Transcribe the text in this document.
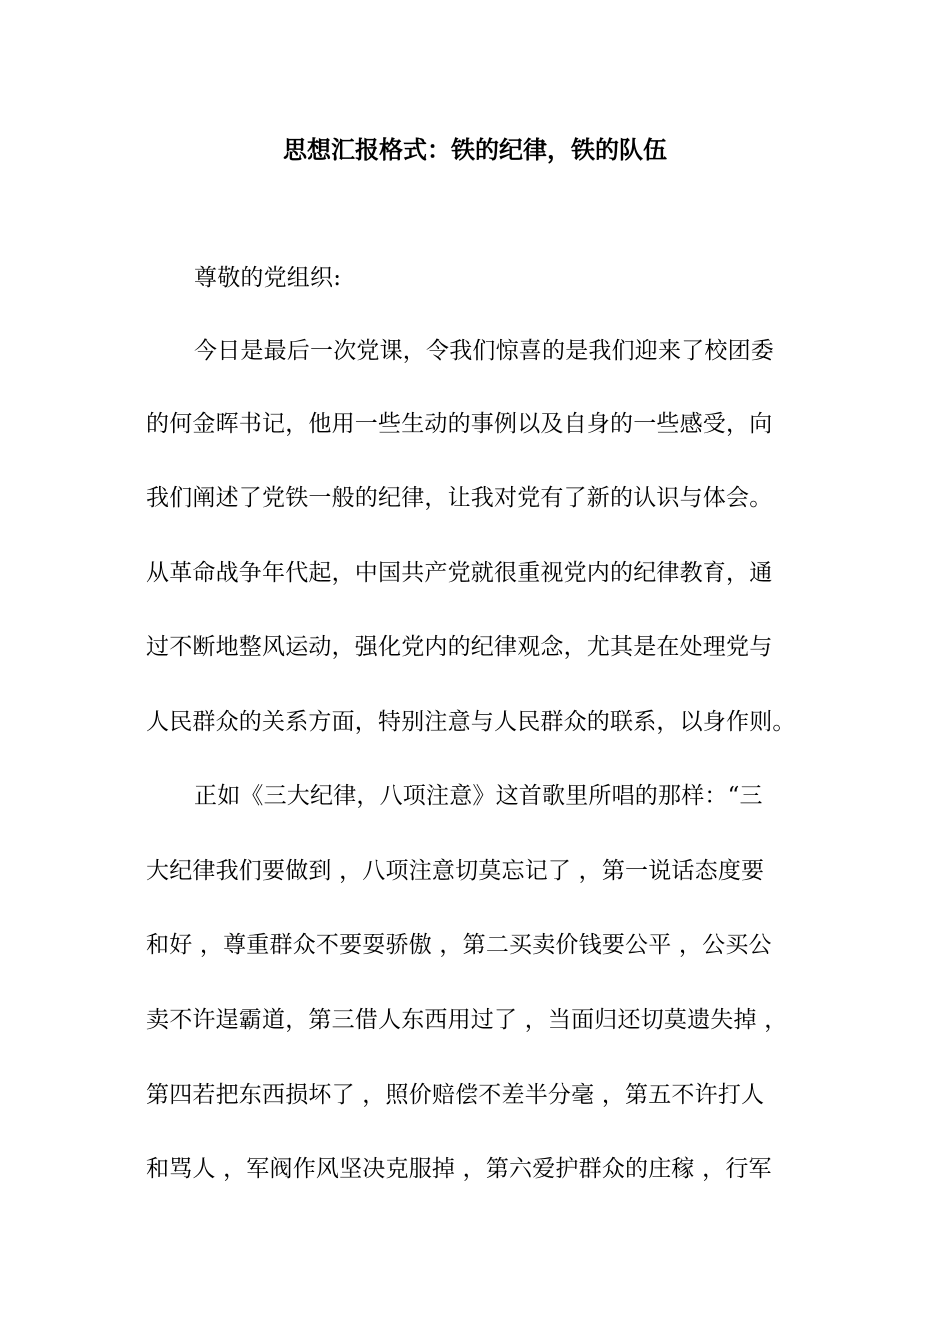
思想汇报格式：铁的纪律，铁的队伍
尊敬的党组织:
今日是最后一次党课，令我们惊喜的是我们迎来了校团委
的何金晖书记，他用一些生动的事例以及自身的一些感受，向
我们阐述了党铁一般的纪律，让我对党有了新的认识与体会。
从革命战争年代起，中国共产党就很重视党内的纪律教育，通
过不断地整风运动，强化党内的纪律观念，尤其是在处理党与
人民群众的关系方面，特别注意与人民群众的联系，以身作则。
正如《三大纪律，八项注意》这首歌里所唱的那样：“三
大纪律我们要做到 ，八项注意切莫忘记了 ，第一说话态度要
和好 ，尊重群众不要耍骄傲 ，第二买卖价钱要公平 ，公买公
卖不许逞霸道，第三借人东西用过了 ，当面归还切莫遗失掉 ，
第四若把东西损坏了 ，照价赔偿不差半分毫 ，第五不许打人
和骂人 ，军阀作风坚决克服掉 ，第六爱护群众的庄稼 ，行军
